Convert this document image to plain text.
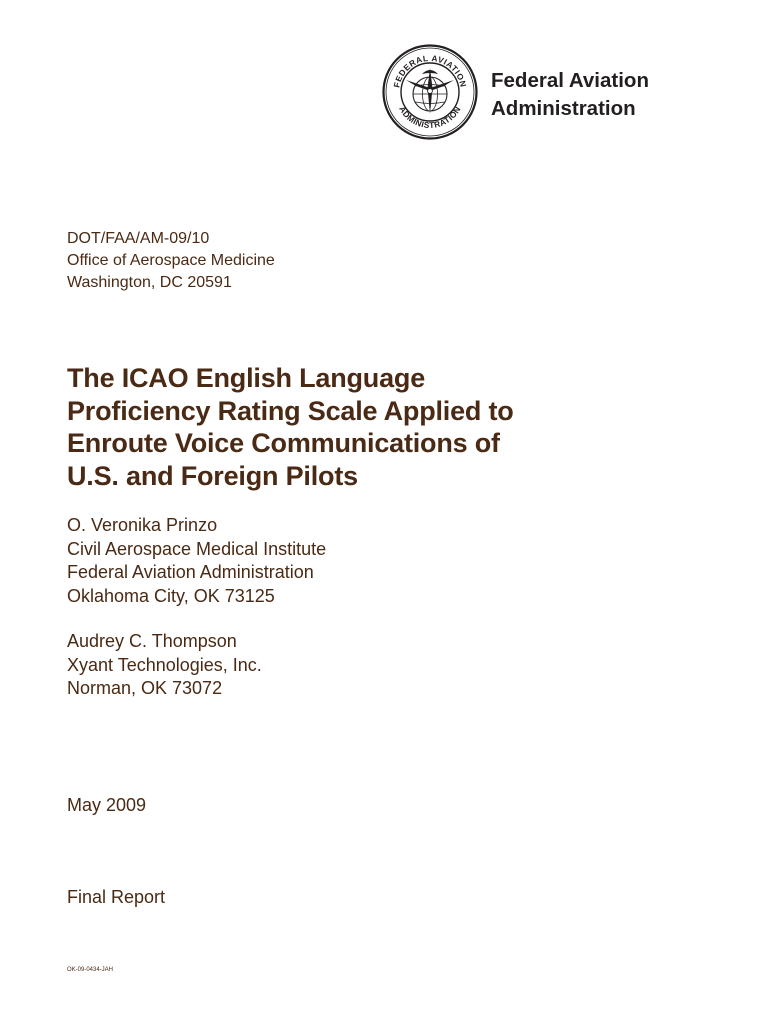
FEDERAL AVIATION
ADMINISTRATION
Federal Aviation
Administration
DOT/FAA/AM-09/10
Office of Aerospace Medicine
Washington, DC 20591
The ICAO English Language
Proficiency Rating Scale Applied to
Enroute Voice Communications of
U.S. and Foreign Pilots
O. Veronika Prinzo
Civil Aerospace Medical Institute
Federal Aviation Administration
Oklahoma City, OK 73125
Audrey C. Thompson
Xyant Technologies, Inc.
Norman, OK 73072
May 2009
Final Report
OK-09-0434-JAH
